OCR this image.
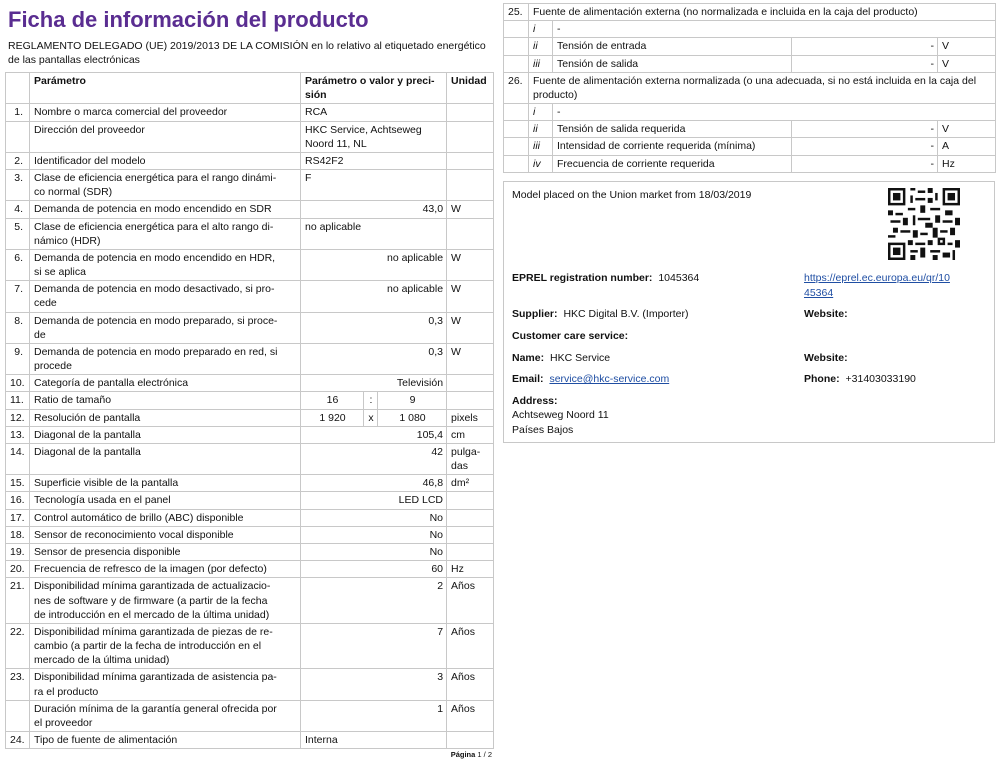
Ficha de información del producto
REGLAMENTO DELEGADO (UE) 2019/2013 DE LA COMISIÓN en lo relativo al etiquetado energético de las pantallas electrónicas
	Parámetro	Parámetro o valor y preci-
sión			Unidad
1.	Nombre o marca comercial del proveedor	RCA			
	Dirección del proveedor	HKC Service, Achtseweg Noord 11, NL			
2.	Identificador del modelo	RS42F2			
3.	Clase de eficiencia energética para el rango dinámi-
co normal (SDR)	F			
4.	Demanda de potencia en modo encendido en SDR	43,0			W
5.	Clase de eficiencia energética para el alto rango di-
námico (HDR)	no aplicable			
6.	Demanda de potencia en modo encendido en HDR,
si se aplica	no aplicable			W
7.	Demanda de potencia en modo desactivado, si pro-
cede	no aplicable			W
8.	Demanda de potencia en modo preparado, si proce-
de	0,3			W
9.	Demanda de potencia en modo preparado en red, si
procede	0,3			W
10.	Categoría de pantalla electrónica	Televisión			
11.	Ratio de tamaño	16	:	9	
12.	Resolución de pantalla	1 920	x	1 080	pixels
13.	Diagonal de la pantalla	105,4			cm
14.	Diagonal de la pantalla	42			pulga-
das
15.	Superficie visible de la pantalla	46,8			dm²
16.	Tecnología usada en el panel	LED LCD			
17.	Control automático de brillo (ABC) disponible	No			
18.	Sensor de reconocimiento vocal disponible	No			
19.	Sensor de presencia disponible	No			
20.	Frecuencia de refresco de la imagen (por defecto)	60			Hz
21.	Disponibilidad mínima garantizada de actualizacio-
nes de software y de firmware (a partir de la fecha
de introducción en el mercado de la última unidad)	2			Años
22.	Disponibilidad mínima garantizada de piezas de re-
cambio (a partir de la fecha de introducción en el
mercado de la última unidad)	7			Años
23.	Disponibilidad mínima garantizada de asistencia pa-
ra el producto	3			Años
	Duración mínima de la garantía general ofrecida por
el proveedor	1			Años
24.	Tipo de fuente de alimentación	Interna			
25.	Fuente de alimentación externa (no normalizada e incluida en la caja del producto)			
	i	-		
	ii	Tensión de entrada	-	V
	iii	Tensión de salida	-	V
26.	Fuente de alimentación externa normalizada (o una adecuada, si no está incluida en la caja del producto)			
	i	-		
	ii	Tensión de salida requerida	-	V
	iii	Intensidad de corriente requerida (mínima)	-	A
	iv	Frecuencia de corriente requerida	-	Hz
Model placed on the Union market from 18/03/2019
EPREL registration number: 1045364	https://eprel.ec.europa.eu/qr/10
45364
Supplier: HKC Digital B.V. (Importer)	Website:
Customer care service:
Name: HKC Service	Website:
Email: service@hkc-service.com	Phone: +31403033190
Address:
Achtseweg Noord 11
Países Bajos
Página 1 / 2
